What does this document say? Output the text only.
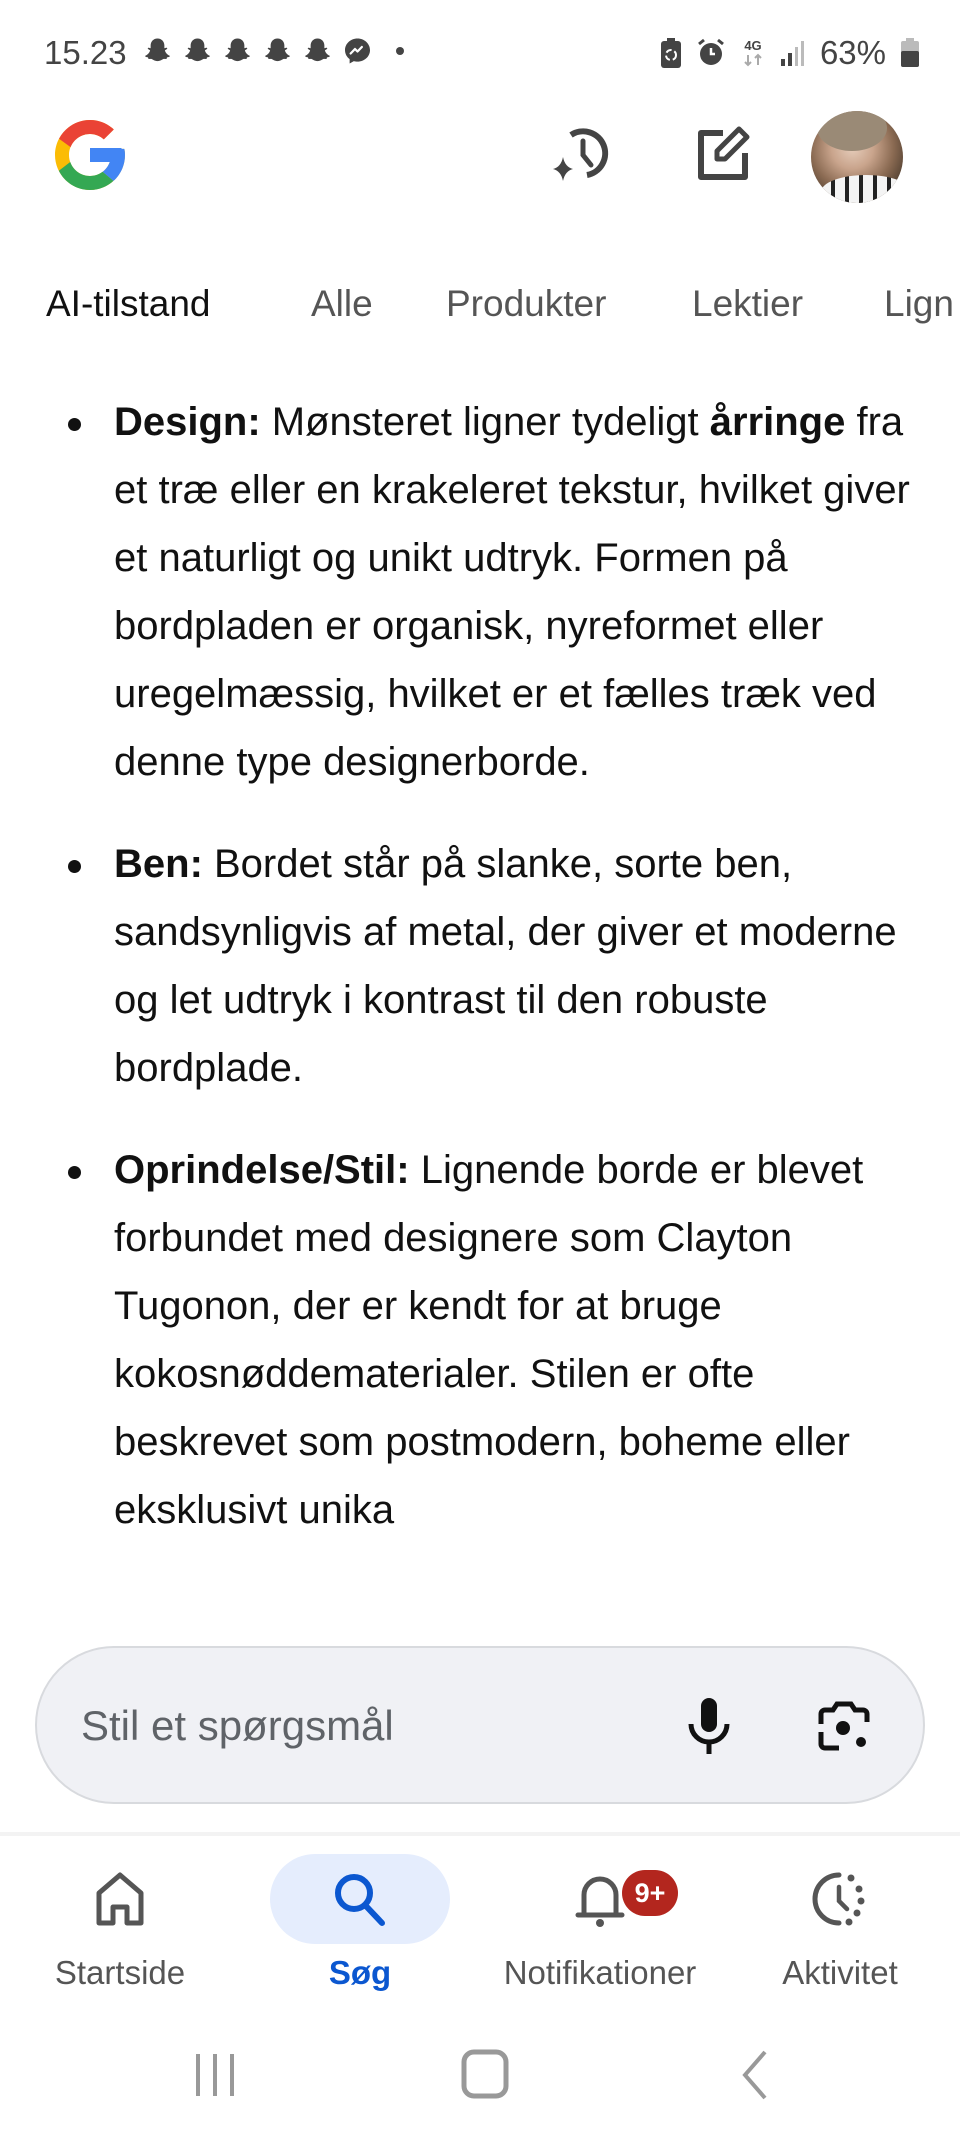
15.23	4G 63%
AI-tilstand	Alle Produkter Lektier Lign
Design: Mønsteret ligner tydeligt årringe fra et træ eller en krakeleret tekstur, hvilket giver et naturligt og unikt udtryk. Formen på bordpladen er organisk, nyreformet eller uregelmæssig, hvilket er et fælles træk ved denne type designerborde.
Ben: Bordet står på slanke, sorte ben, sandsynligvis af metal, der giver et moderne og let udtryk i kontrast til den robuste bordplade.
Oprindelse/Stil: Lignende borde er blevet forbundet med designere som Clayton Tugonon, der er kendt for at bruge kokosnøddematerialer. Stilen er ofte beskrevet som postmodern, boheme eller eksklusivt unika
Stil et spørgsmål
Startside	Søg
9+
Notifikationer	Aktivitet
